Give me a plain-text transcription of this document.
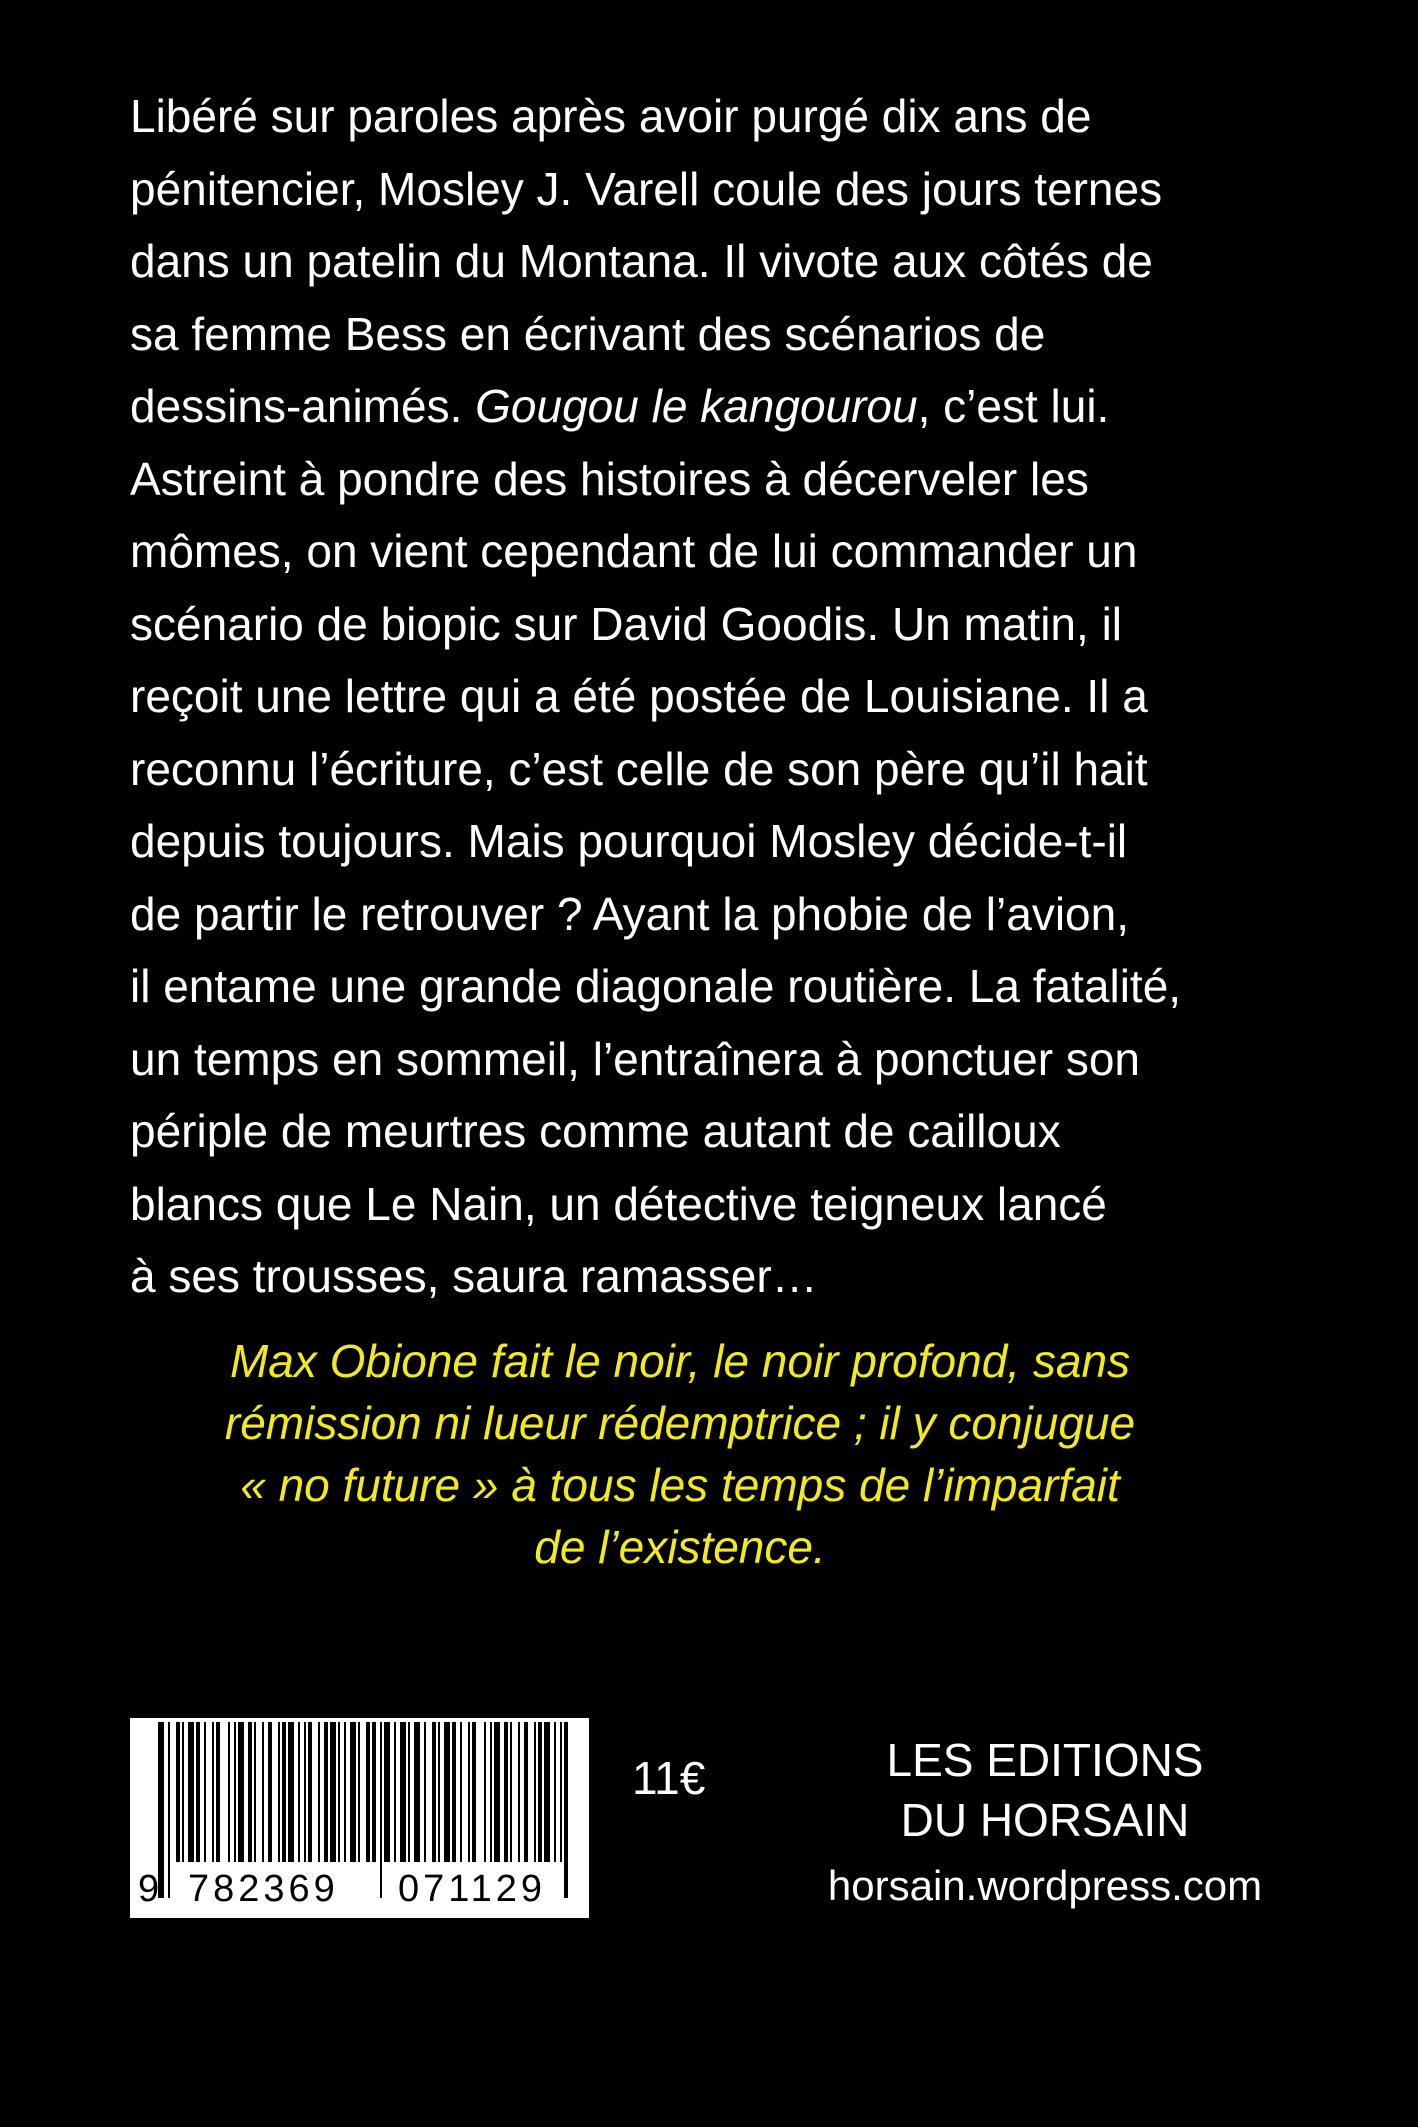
Libéré sur paroles après avoir purgé dix ans de
pénitencier, Mosley J. Varell coule des jours ternes
dans un patelin du Montana. Il vivote aux côtés de
sa femme Bess en écrivant des scénarios de
dessins-animés. Gougou le kangourou, c’est lui.
Astreint à pondre des histoires à décerveler les
mômes, on vient cependant de lui commander un
scénario de biopic sur David Goodis. Un matin, il
reçoit une lettre qui a été postée de Louisiane. Il a
reconnu l’écriture, c’est celle de son père qu’il hait
depuis toujours. Mais pourquoi Mosley décide-t-il
de partir le retrouver ? Ayant la phobie de l’avion,
il entame une grande diagonale routière. La fatalité,
un temps en sommeil, l’entraînera à ponctuer son
périple de meurtres comme autant de cailloux
blancs que Le Nain, un détective teigneux lancé
à ses trousses, saura ramasser…
Max Obione fait le noir, le noir profond, sans
rémission ni lueur rédemptrice ; il y conjugue
« no future » à tous les temps de l’imparfait
de l’existence.
9 782369 071129
11€	LES EDITIONS
DU HORSAIN
horsain.wordpress.com
